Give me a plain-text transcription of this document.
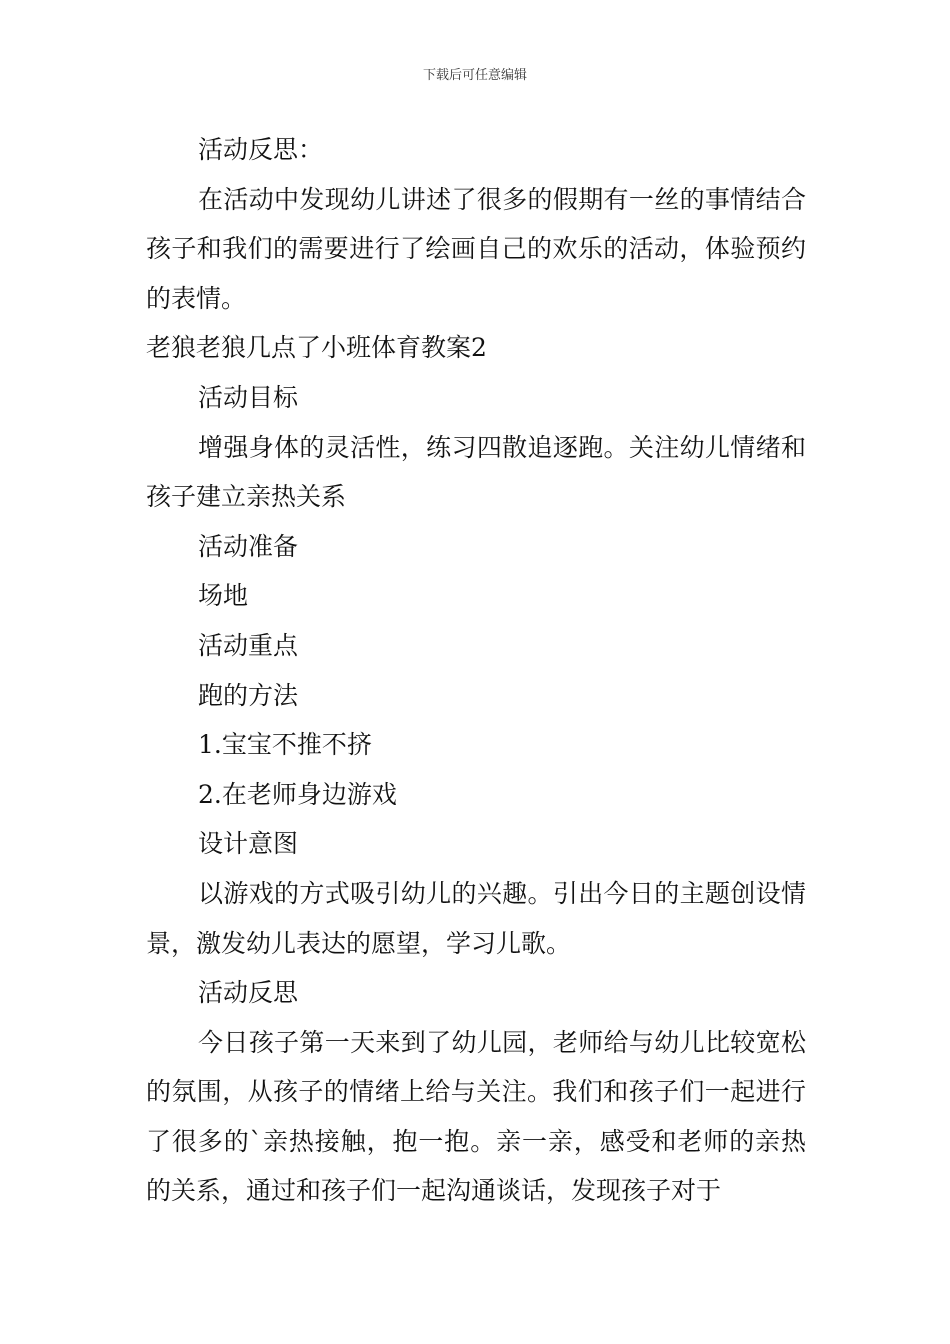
下载后可任意编辑

活动反思：

在活动中发现幼儿讲述了很多的假期有一丝的事情结合孩子和我们的需要进行了绘画自己的欢乐的活动，体验预约的表情。

老狼老狼几点了小班体育教案2

活动目标

增强身体的灵活性，练习四散追逐跑。关注幼儿情绪和孩子建立亲热关系

活动准备

场地

活动重点

跑的方法

1.宝宝不推不挤

2.在老师身边游戏

设计意图

以游戏的方式吸引幼儿的兴趣。引出今日的主题创设情景，激发幼儿表达的愿望，学习儿歌。

活动反思

今日孩子第一天来到了幼儿园，老师给与幼儿比较宽松的氛围，从孩子的情绪上给与关注。我们和孩子们一起进行了很多的`亲热接触，抱一抱。亲一亲，感受和老师的亲热的关系，通过和孩子们一起沟通谈话，发现孩子对于
